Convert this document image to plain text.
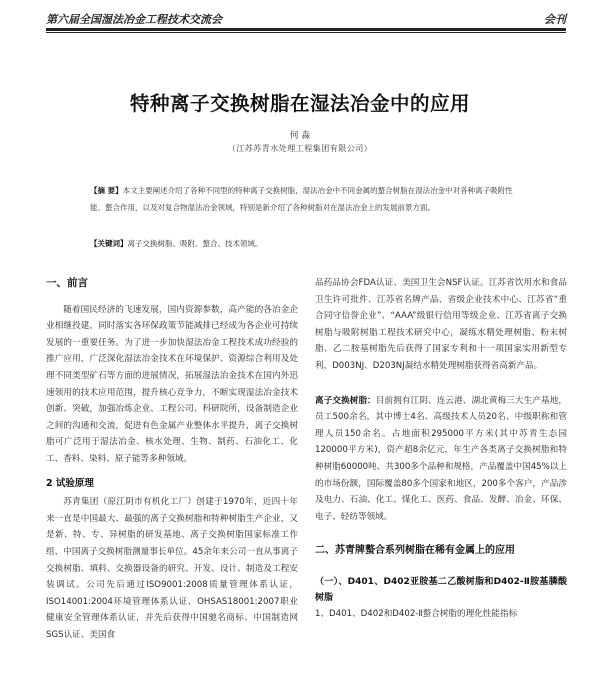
第六届全国湿法冶金工程技术交流会	会刊
特种离子交换树脂在湿法冶金中的应用
何 淼
（江苏苏青水处理工程集团有限公司）
【摘 要】本文主要阐述介绍了各种不同型的特种离子交换树脂，湿法冶金中不同金属的螯合树脂在湿法冶金中对各种离子吸附性能、螯合作用，以及对复合物湿法冶金领域，特别是新介绍了各种树脂对在湿法冶金上的发展前景方面。
【关键词】离子交换树脂、吸附、螯合、技术领域。

一、前言

随着国民经济的飞速发展，国内资源参数，高产能的各冶金企业相继投建，同时落实各环保政策节能减排已经成为各企业可持续发展的一重要任务。为了进一步加快湿法冶金工程技术成功经验的推广应用，广泛深化湿法冶金技术在环境保护、资源综合利用及处理不同类型矿石等方面的进展情况，拓展湿法冶金技术在国内外迅速领用的技术应用范围，提升核心竞争力，不断实现湿法冶金技术创新、突破，加强冶炼企业、工程公司、科研院所，设备制造企业之间的沟通和交流，促进有色金属产业整体水平提升，离子交换树脂可广泛用于湿法冶金、核水处理、生物、制药、石油化工、化工、香料、染料、原子能等多种领域。

2 试验原理

苏青集团（原江阴市有机化工厂）创建于1970年，近四十年来一直是中国最大、最强的离子交换树脂和特种树脂生产企业，又是新、特、专、异树脂的研发基地、离子交换树脂国家标准工作组、中国离子交换树脂测量事长单位。45余年来公司一直从事离子交换树脂、填料、交换器设备的研究、开发、设计、制造及工程安装调试。公司先后通过ISO9001:2008质量管理体系认证，ISO14001:2004环境管理体系认证、OHSAS18001:2007职业健康安全管理体系认证，并先后获得中国驰名商标、中国制造网SGS认证、美国食

品药品协会FDA认证、美国卫生会NSF认证。江苏省饮用水和食品卫生许可批件、江苏省名牌产品、省级企业技术中心、江苏省“重合同守信誉企业”、“AAA”级银行信用等级企业、江苏省离子交换树脂与吸附树脂工程技术研究中心，凝练水精处理树脂、粉末树脂、乙二胺基树脂先后获得了国家专利和十一项国家实用新型专利，D003NJ、D203NJ凝结水精处理树脂获得省高新产品。

离子交换树脂：目前拥有江阴、连云港、湖北黄梅三大生产基地，员工500余名，其中博士4名、高级技术人员20名、中级职称和管理人员150余名。占地面积295000平方米(其中苏青生态园120000平方米)，资产超8余亿元，年生产各类离子交换树脂和特种树脂60000吨、共300多个品种和规格，产品覆盖中国45%以上的市场份额，国际覆盖80多个国家和地区，200多个客户，产品涉及电力、石油、化工、煤化工、医药、食品、发酵、冶金、环保、电子、轻纺等领域。

二、苏青牌螯合系列树脂在稀有金属上的应用

（一）、D401、D402亚胺基二乙酸树脂和D402-Ⅱ胺基膦酸树脂

1、D401、D402和D402-Ⅱ螯合树脂的理化性能指标
